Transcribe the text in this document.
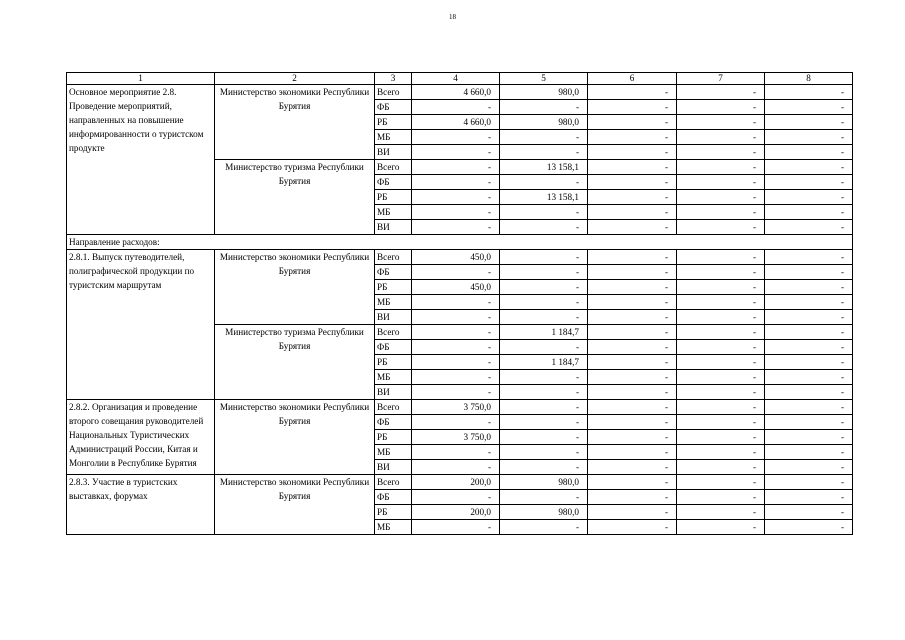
18
1	2	3	4	5	6	7	8
Основное мероприятие 2.8. Проведение мероприятий, направленных на повышение информированности о туристском продукте	Министерство экономики Республики Бурятия	Всего	4 660,0	980,0	-	-	-
		ФБ	-	-	-	-	-
		РБ	4 660,0	980,0	-	-	-
		МБ	-	-	-	-	-
		ВИ	-	-	-	-	-
	Министерство туризма Республики Бурятия	Всего	-	13 158,1	-	-	-
		ФБ	-	-	-	-	-
		РБ	-	13 158,1	-	-	-
		МБ	-	-	-	-	-
		ВИ	-	-	-	-	-
Направление расходов:							
2.8.1. Выпуск путеводителей, полиграфической продукции по туристским маршрутам	Министерство экономики Республики Бурятия	Всего	450,0	-	-	-	-
		ФБ	-	-	-	-	-
		РБ	450,0	-	-	-	-
		МБ	-	-	-	-	-
		ВИ	-	-	-	-	-
	Министерство туризма Республики Бурятия	Всего	-	1 184,7	-	-	-
		ФБ	-	-	-	-	-
		РБ	-	1 184,7	-	-	-
		МБ	-	-	-	-	-
		ВИ	-	-	-	-	-
2.8.2. Организация и проведение второго совещания руководителей Национальных Туристических Администраций России, Китая и Монголии в Республике Бурятия	Министерство экономики Республики Бурятия	Всего	3 750,0	-	-	-	-
		ФБ	-	-	-	-	-
		РБ	3 750,0	-	-	-	-
		МБ	-	-	-	-	-
		ВИ	-	-	-	-	-
2.8.3. Участие в туристских выставках, форумах	Министерство экономики Республики Бурятия	Всего	200,0	980,0	-	-	-
		ФБ	-	-	-	-	-
		РБ	200,0	980,0	-	-	-
		МБ	-	-	-	-	-
